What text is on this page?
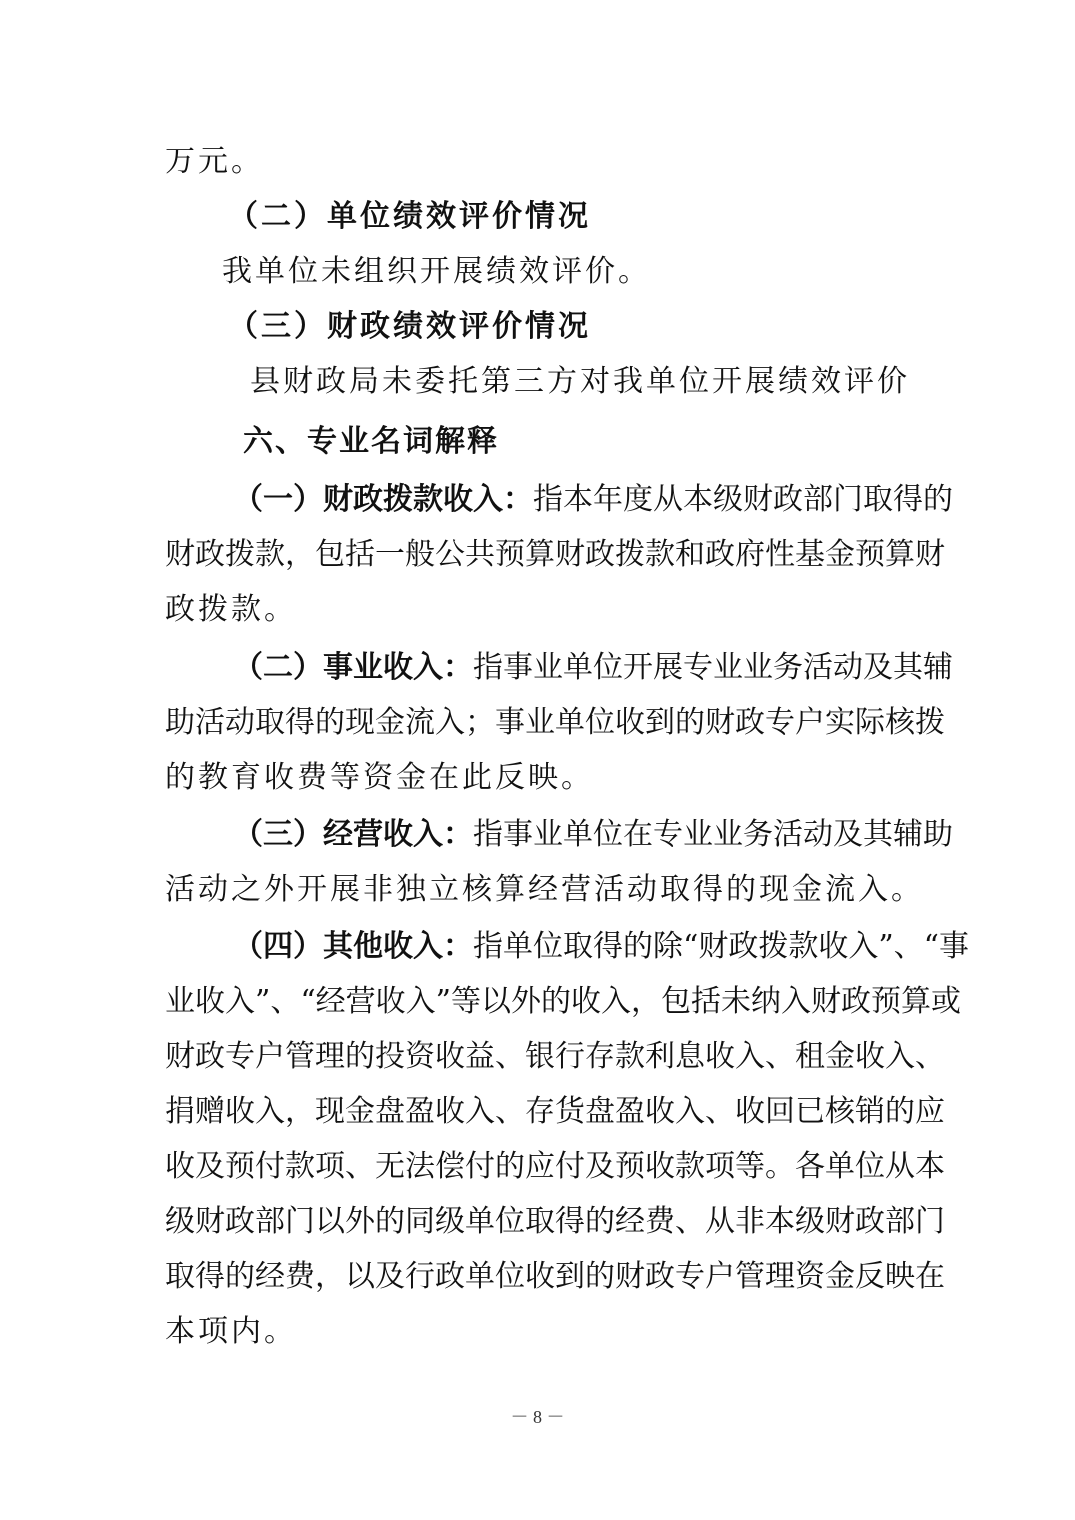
万元。
（二）单位绩效评价情况
我单位未组织开展绩效评价。
（三）财政绩效评价情况
县财政局未委托第三方对我单位开展绩效评价
六、专业名词解释
（一）财政拨款收入：指本年度从本级财政部门取得的
财政拨款，包括一般公共预算财政拨款和政府性基金预算财
政拨款。
（二）事业收入：指事业单位开展专业业务活动及其辅
助活动取得的现金流入；事业单位收到的财政专户实际核拨
的教育收费等资金在此反映。
（三）经营收入：指事业单位在专业业务活动及其辅助
活动之外开展非独立核算经营活动取得的现金流入。
（四）其他收入：指单位取得的除“财政拨款收入”、“事
业收入”、“经营收入”等以外的收入，包括未纳入财政预算或
财政专户管理的投资收益、银行存款利息收入、租金收入、
捐赠收入，现金盘盈收入、存货盘盈收入、收回已核销的应
收及预付款项、无法偿付的应付及预收款项等。各单位从本
级财政部门以外的同级单位取得的经费、从非本级财政部门
取得的经费，以及行政单位收到的财政专户管理资金反映在
本项内。
－ 8 －
